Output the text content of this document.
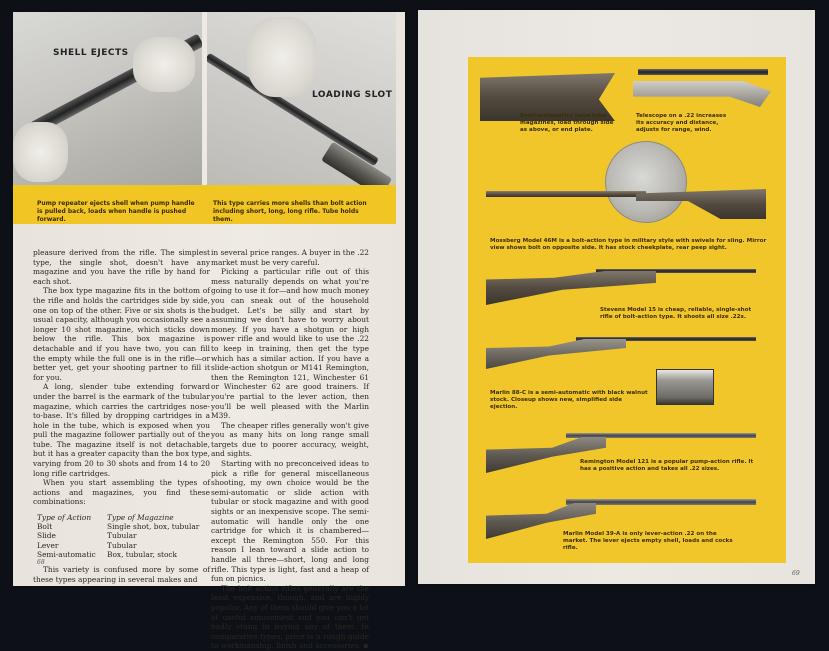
SHELL EJECTS
LOADING SLOT
Pump repeater ejects shell when pump handle is pulled back, loads when handle is pushed forward.
This type carries more shells than bolt action including short, long, long rifle. Tube holds them.

pleasure derived from the rifle. The simplest type, the single shot, doesn't have any magazine and you have the rifle by hand for each shot.

The box type magazine fits in the bottom of the rifle and holds the cartridges side by side, one on top of the other. Five or six shots is the usual capacity, although you occasionally see a longer 10 shot magazine, which sticks down below the rifle. This box magazine is detachable and if you have two, you can fill the empty while the full one is in the rifle—or better yet, get your shooting partner to fill it for you.

A long, slender tube extending forward under the barrel is the earmark of the tubular magazine, which carries the cartridges nose-to-base. It's filled by dropping cartridges in a hole in the tube, which is exposed when you pull the magazine follower partially out of the tube. The magazine itself is not detachable, but it has a greater capacity than the box type, varying from 20 to 30 shots and from 14 to 20 long rifle cartridges.

When you start assembling the types of actions and magazines, you find these combinations:

Type of Action	Type of Magazine
Bolt	Single shot, box, tubular
Slide	Tubular
Lever	Tubular
Semi-automatic	Box, tubular, stock

This variety is confused more by some of these types appearing in several makes and

in several price ranges. A buyer in the .22 market must be very careful.

Picking a particular rifle out of this mess naturally depends on what you're going to use it for—and how much money you can sneak out of the household budget. Let's be silly and start by assuming we don't have to worry about money. If you have a shotgun or high power rifle and would like to use the .22 to keep in training, then get the type which has a similar action. If you have a slide-action shotgun or M141 Remington, then the Remington 121, Winchester 61 or Winchester 62 are good trainers. If you're partial to the lever action, then you'll be well pleased with the Marlin M39.

The cheaper rifles generally won't give you as many hits on long range small targets due to poorer accuracy, weight, and sights.

Starting with no preconceived ideas to pick a rifle for general miscellaneous shooting, my own choice would be the semi-automatic or slide action with tubular or stock magazine and with good sights or an inexpensive scope. The semi-automatic will handle only the one cartridge for which it is chambered—except the Remington 550. For this reason I lean toward a slide action to handle all three—short, long and long rifle. This type is light, fast and a heap of fun on picnics.

The bolt action rifles generally are the least expensive, though, and are highly popular. Any of them should give you a lot of useful amusement and you can't get badly stung in buying any of them. In comparative types, price is a rough guide to workmanship, finish and accessories. ▪

68
Semi-automatics have tube magazines, load through side as above, or end plate.
Telescope on a .22 increases its accuracy and distance, adjusts for range, wind.
Mossberg Model 46M is a bolt-action type in military style with swivels for sling. Mirror view shows bolt on opposite side. It has stock cheekplate, rear peep sight.
Stevens Model 15 is cheap, reliable, single-shot rifle of bolt-action type. It shoots all size .22s.
Marlin 88-C is a semi-automatic with black walnut stock. Closeup shows new, simplified side ejection.
Remington Model 121 is a popular pump-action rifle. It has a positive action and takes all .22 sizes.
Marlin Model 39-A is only lever-action .22 on the market. The lever ejects empty shell, loads and cocks rifle.
69
